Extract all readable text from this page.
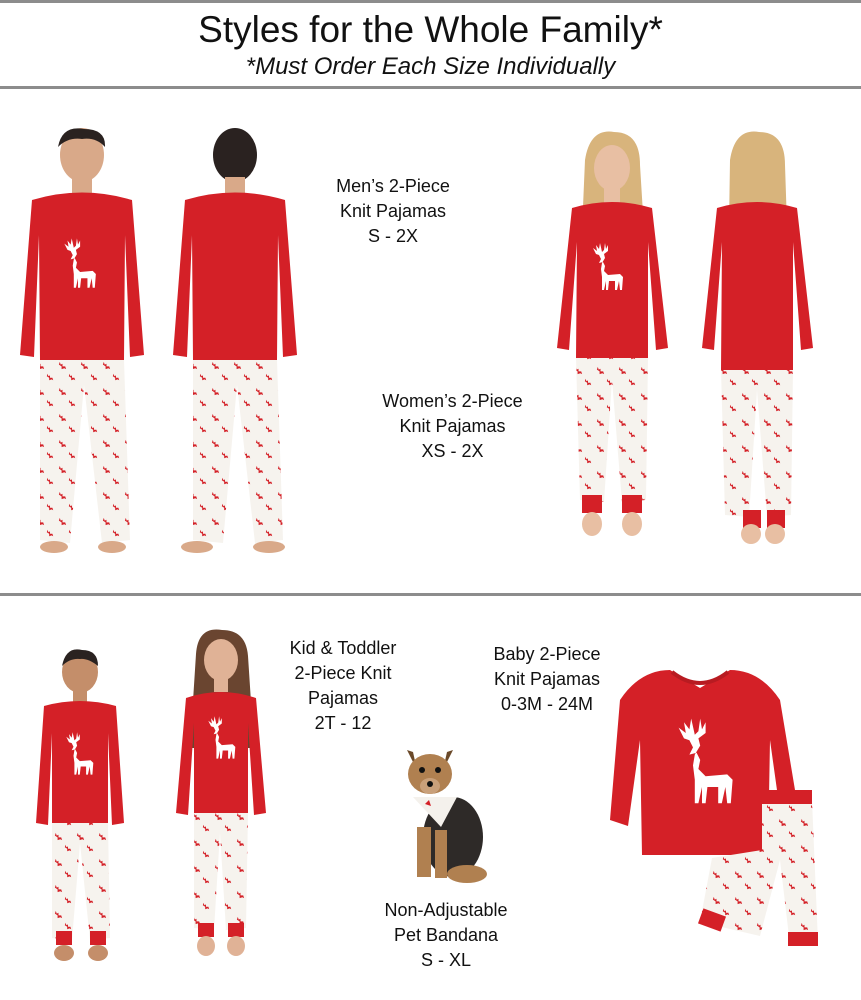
Styles for the Whole Family*
*Must Order Each Size Individually
Men’s 2-Piece
Knit Pajamas
S - 2X
Women’s 2-Piece
Knit Pajamas
XS - 2X
Kid & Toddler
2-Piece Knit
Pajamas
2T - 12
Baby 2-Piece
Knit Pajamas
0-3M - 24M
Non-Adjustable
Pet Bandana
S - XL
